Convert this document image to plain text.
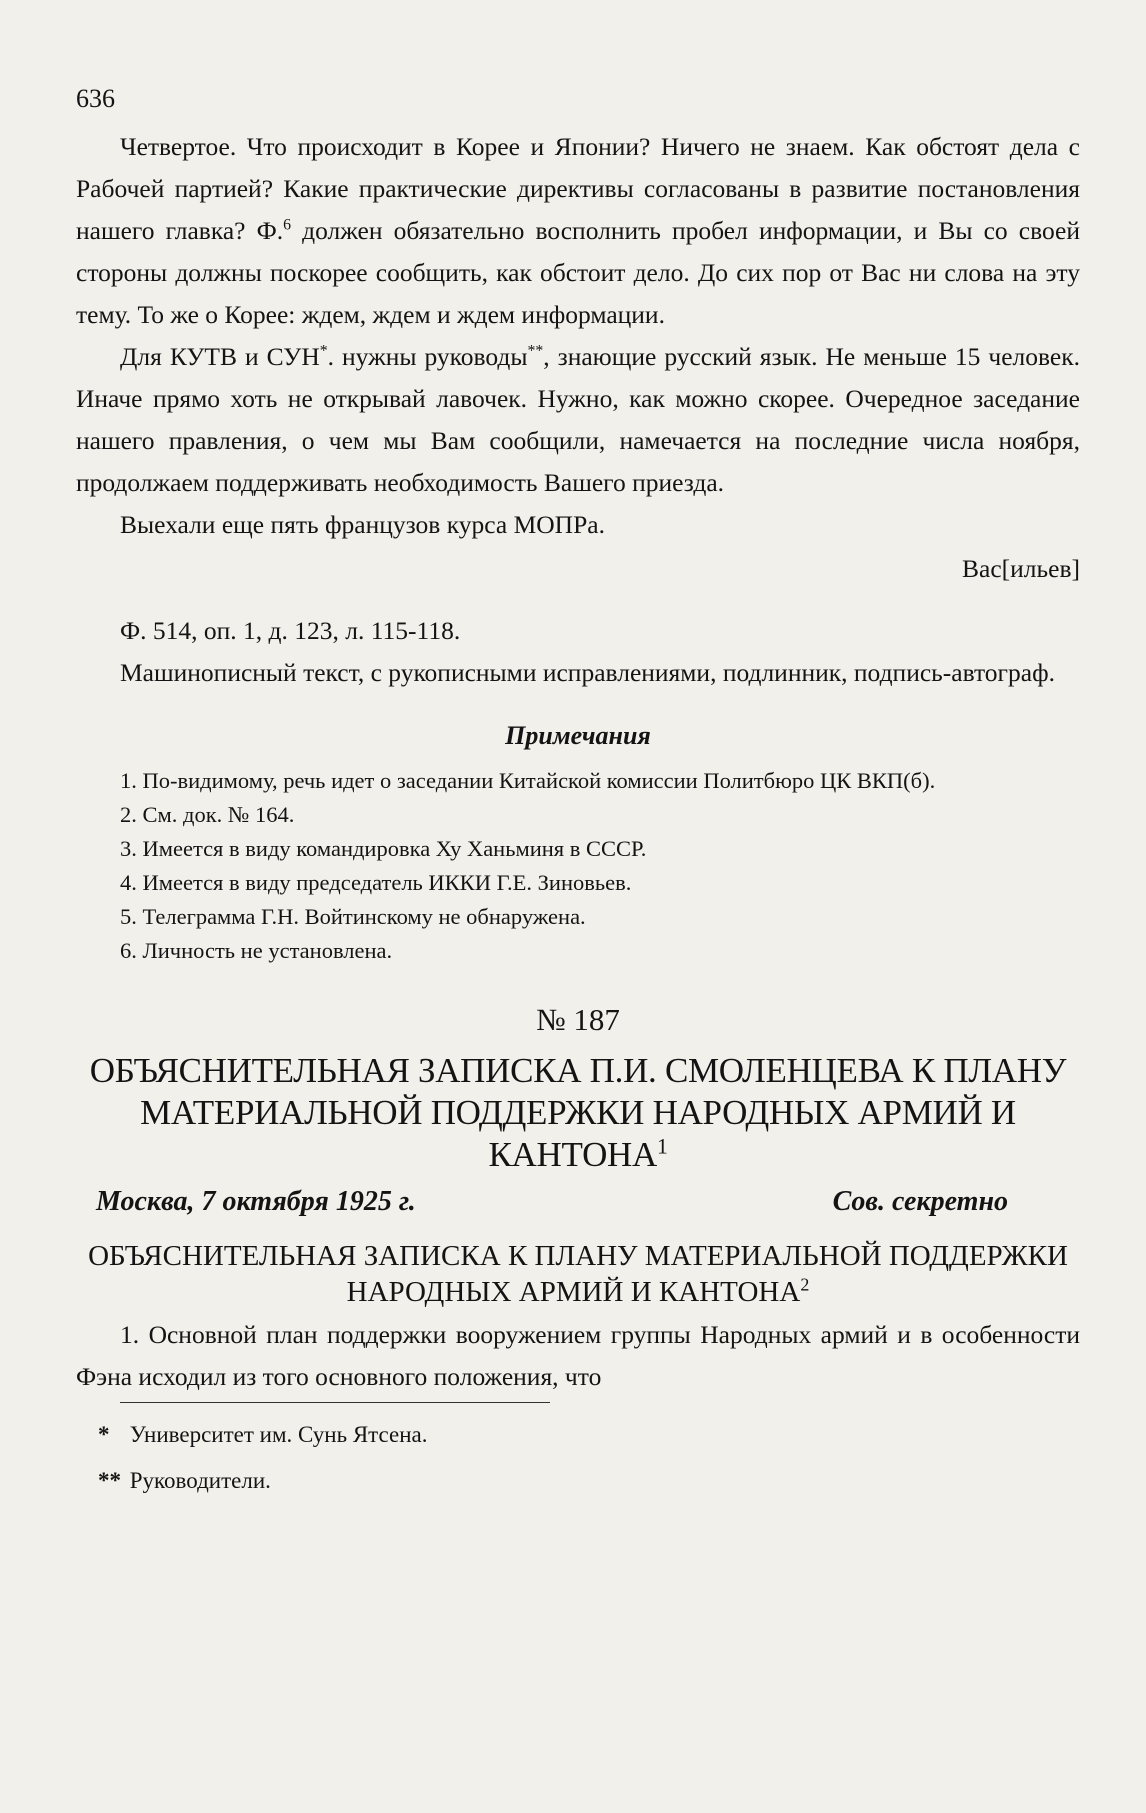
636

Четвертое. Что происходит в Корее и Японии? Ничего не знаем. Как обстоят дела с Рабочей партией? Какие практические директивы согласованы в развитие постановления нашего главка? Ф.$^6$ должен обязательно восполнить пробел информации, и Вы со своей стороны должны поскорее сообщить, как обстоит дело. До сих пор от Вас ни слова на эту тему. То же о Корее: ждем, ждем и ждем информации.

Для КУТВ и СУН*. нужны руководы**, знающие русский язык. Не меньше 15 человек. Иначе прямо хоть не открывай лавочек. Нужно, как можно скорее. Очередное заседание нашего правления, о чем мы Вам сообщили, намечается на последние числа ноября, продолжаем поддерживать необходимость Вашего приезда.

Выехали еще пять французов курса МОПРа.

Вас[ильев]

Ф. 514, оп. 1, д. 123, л. 115-118.

Машинописный текст, с рукописными исправлениями, подлинник, подпись-автограф.

Примечания

1. По-видимому, речь идет о заседании Китайской комиссии Политбюро ЦК ВКП(б).

2. См. док. № 164.

3. Имеется в виду командировка Ху Ханьминя в СССР.

4. Имеется в виду председатель ИККИ Г.Е. Зиновьев.

5. Телеграмма Г.Н. Войтинскому не обнаружена.

6. Личность не установлена.

№ 187

ОБЪЯСНИТЕЛЬНАЯ ЗАПИСКА П.И. СМОЛЕНЦЕВА К ПЛАНУ МАТЕРИАЛЬНОЙ ПОДДЕРЖКИ НАРОДНЫХ АРМИЙ И КАНТОНА$^1$

Москва, 7 октября 1925 г.	Сов. секретно

ОБЪЯСНИТЕЛЬНАЯ ЗАПИСКА К ПЛАНУ МАТЕРИАЛЬНОЙ ПОДДЕРЖКИ НАРОДНЫХ АРМИЙ И КАНТОНА$^2$

1. Основной план поддержки вооружением группы Народных армий и в особенности Фэна исходил из того основного положения, что

* Университет им. Сунь Ятсена.

** Руководители.
